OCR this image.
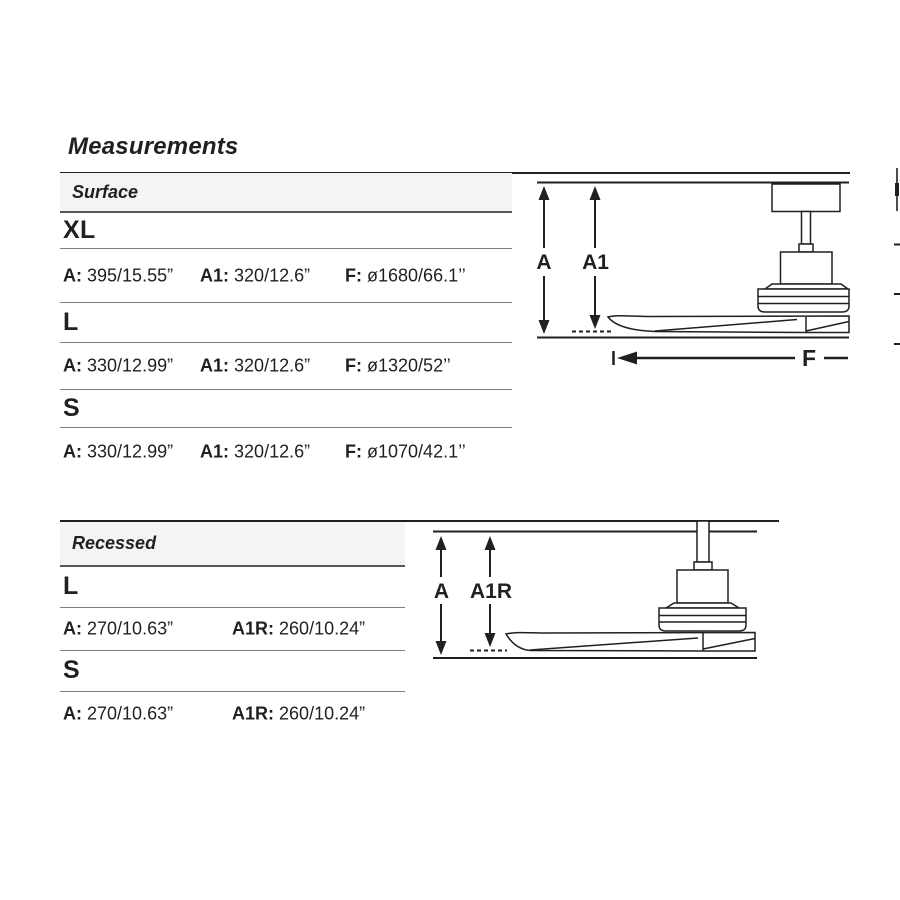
Measurements
Surface
XL
A: 395/15.55” A1: 320/12.6” F: ø1680/66.1’’
L
A: 330/12.99” A1: 320/12.6” F: ø1320/52’’
S
A: 330/12.99” A1: 320/12.6” F: ø1070/42.1’’
Recessed
L
A: 270/10.63”	A1R: 260/10.24”
S
A: 270/10.63”	A1R: 260/10.24”
A A1
F
A A1R
